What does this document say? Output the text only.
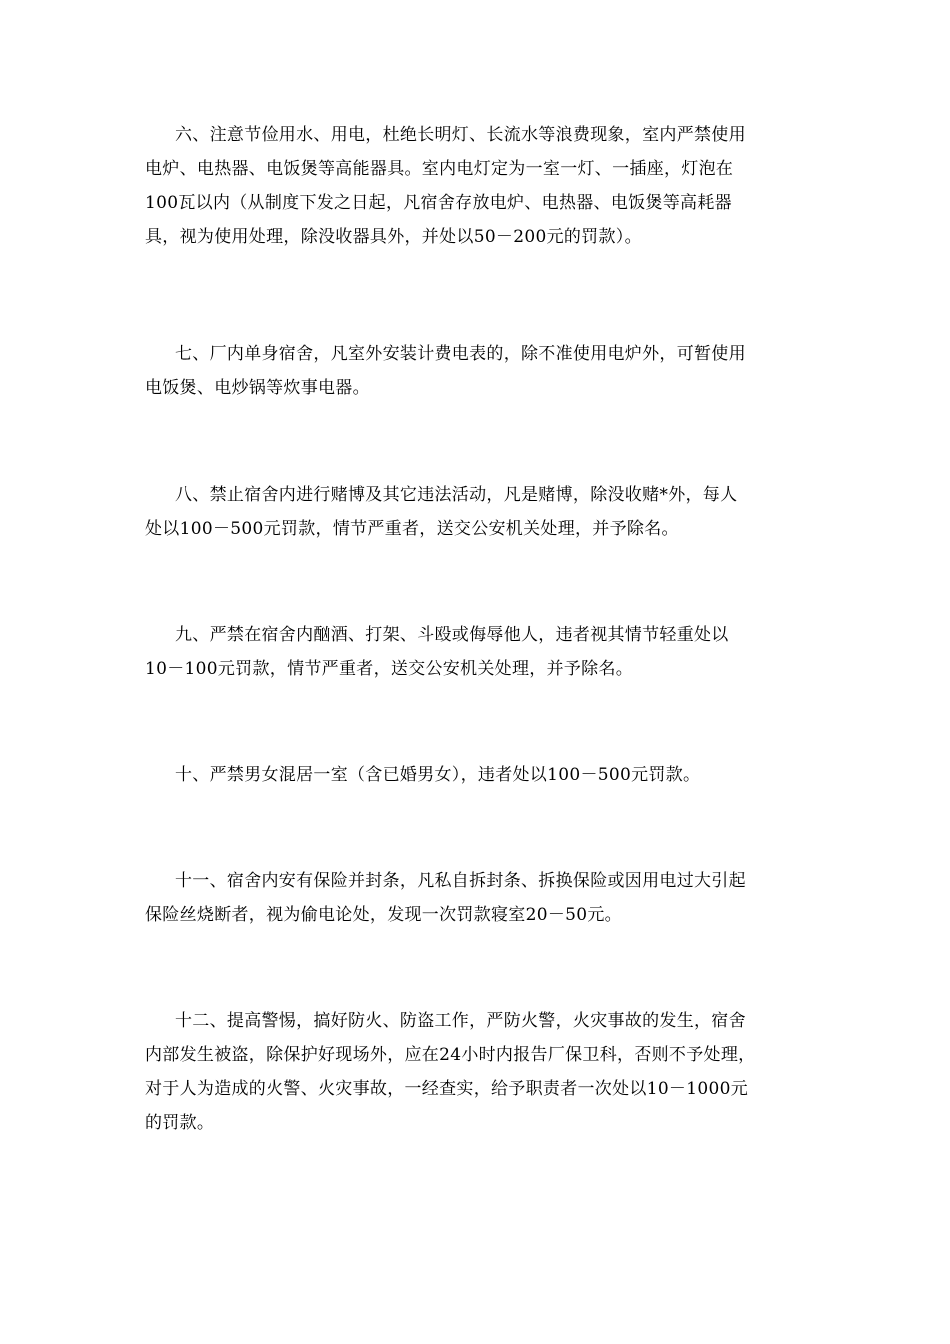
六、注意节俭用水、用电，杜绝长明灯、长流水等浪费现象，室内严禁使用
电炉、电热器、电饭煲等高能器具。室内电灯定为一室一灯、一插座，灯泡在
100瓦以内（从制度下发之日起，凡宿舍存放电炉、电热器、电饭煲等高耗器
具，视为使用处理，除没收器具外，并处以50－200元的罚款）。
七、厂内单身宿舍，凡室外安装计费电表的，除不准使用电炉外，可暂使用
电饭煲、电炒锅等炊事电器。
八、禁止宿舍内进行赌博及其它违法活动，凡是赌博，除没收赌*外，每人
处以100－500元罚款，情节严重者，送交公安机关处理，并予除名。
九、严禁在宿舍内酗酒、打架、斗殴或侮辱他人，违者视其情节轻重处以
10－100元罚款，情节严重者，送交公安机关处理，并予除名。
十、严禁男女混居一室（含已婚男女），违者处以100－500元罚款。
十一、宿舍内安有保险并封条，凡私自拆封条、拆换保险或因用电过大引起
保险丝烧断者，视为偷电论处，发现一次罚款寝室20－50元。
十二、提高警惕，搞好防火、防盗工作，严防火警，火灾事故的发生，宿舍
内部发生被盗，除保护好现场外，应在24小时内报告厂保卫科，否则不予处理，
对于人为造成的火警、火灾事故，一经查实，给予职责者一次处以10－1000元
的罚款。
